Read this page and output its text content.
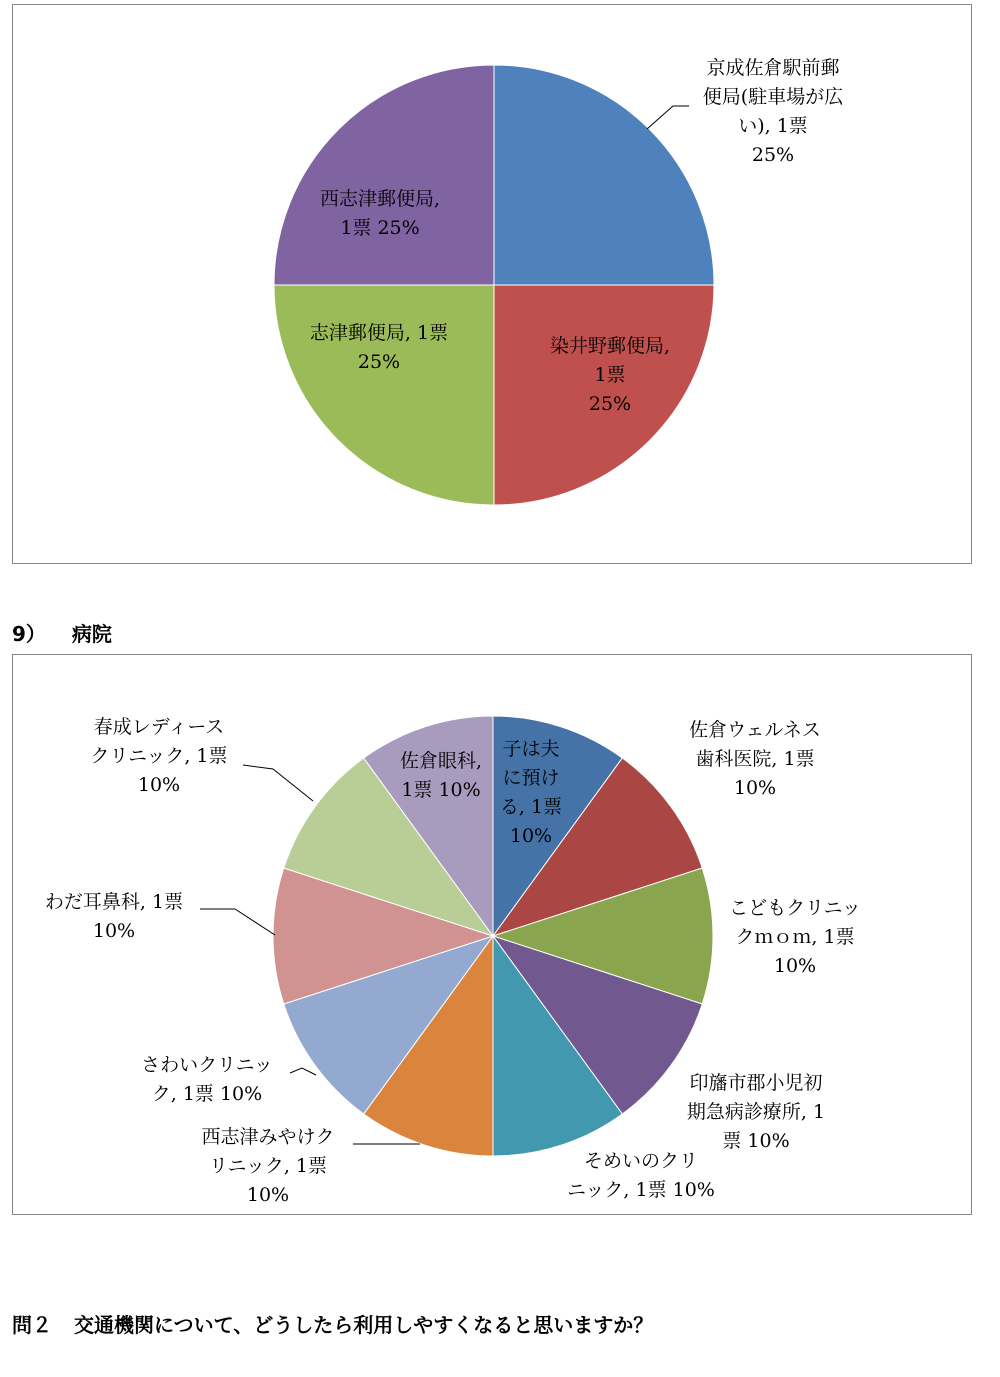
京成佐倉駅前郵便局(駐車場が広い), 1票 25%
染井野郵便局, 1票 25%
志津郵便局, 1票 25%
西志津郵便局, 1票 25%
9） 病院
子は夫に預ける, 1票 10%
佐倉ウェルネス歯科医院, 1票 10%
こどもクリニックｍｏｍ, 1票 10%
印旛市郡小児初期急病診療所, 1 票 10%
そめいのクリニック, 1票 10%
西志津みやけクリニック, 1票 10%
さわいクリニック, 1票 10%
わだ耳鼻科, 1票 10%
春成レディースクリニック, 1票 10%
佐倉眼科, 1票 10%
問２ 交通機関について、どうしたら利用しやすくなると思いますか？
